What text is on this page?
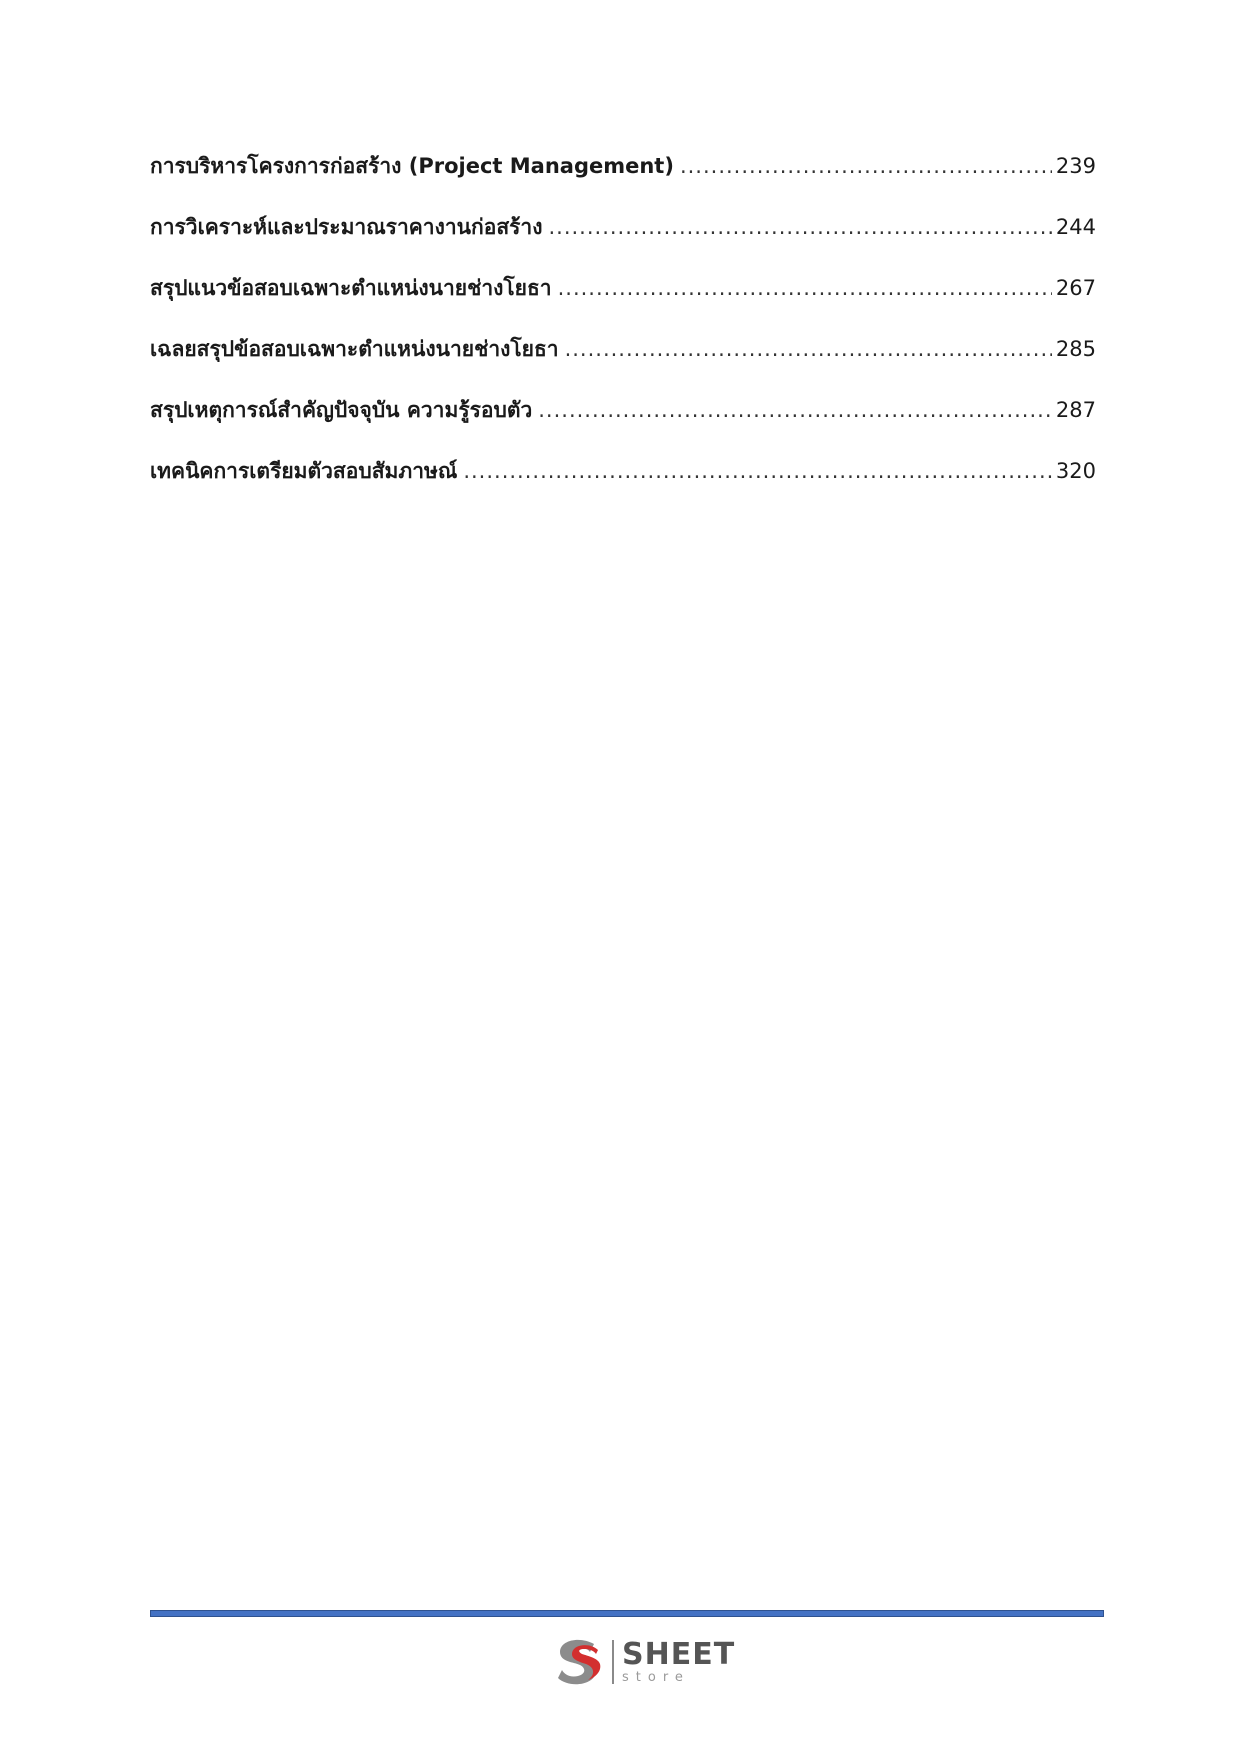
การบริหารโครงการก่อสร้าง (Project Management) .....	239
การวิเคราะห์และประมาณราคางานก่อสร้าง .....	244
สรุปแนวข้อสอบเฉพาะตำแหน่งนายช่างโยธา .....	267
เฉลยสรุปข้อสอบเฉพาะตำแหน่งนายช่างโยธา .....	285
สรุปเหตุการณ์สำคัญปัจจุบัน ความรู้รอบตัว .....	287
เทคนิคการเตรียมตัวสอบสัมภาษณ์ .....	320
SHEET
store
